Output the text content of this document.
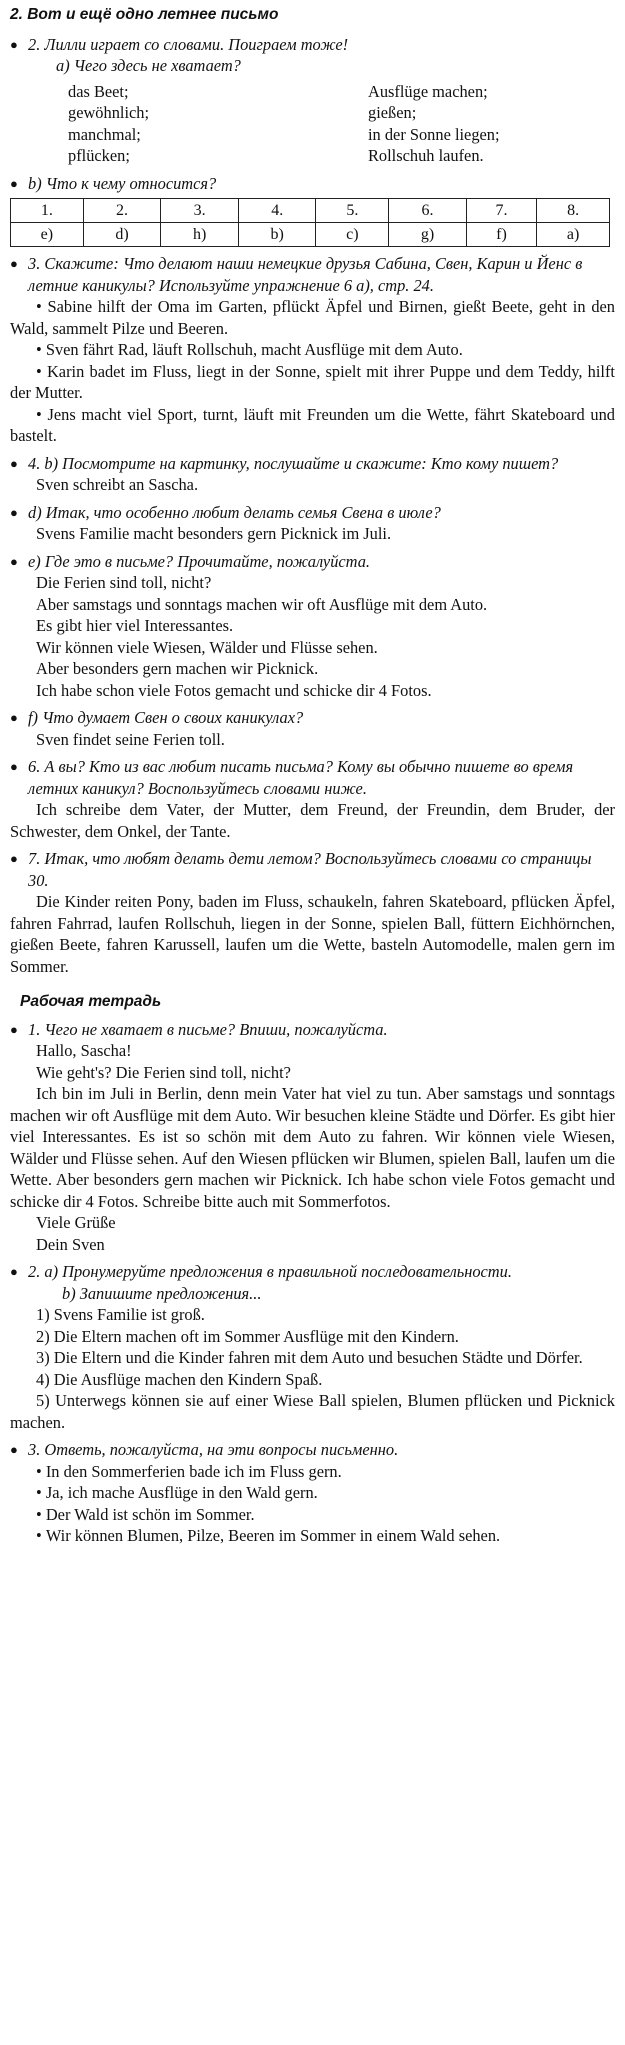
2. Вот и ещё одно летнее письмо
● 2. Лилли играет со словами. Поиграем тоже!
а) Чего здесь не хватает?
das Beet;	Ausflüge machen;
gewöhnlich;	gießen;
manchmal;	in der Sonne liegen;
pflücken;	Rollschuh laufen.
● b) Что к чему относится?
1.	2.	3.	4.	5.	6.	7.	8.
e)	d)	h)	b)	c)	g)	f)	a)
● 3. Скажите: Что делают наши немецкие друзья Сабина, Свен, Карин и Йенс в летние каникулы? Используйте упражнение 6 а), стр. 24.
• Sabine hilft der Oma im Garten, pflückt Äpfel und Birnen, gießt Beete, geht in den Wald, sammelt Pilze und Beeren.
• Sven fährt Rad, läuft Rollschuh, macht Ausflüge mit dem Auto.
• Karin badet im Fluss, liegt in der Sonne, spielt mit ihrer Puppe und dem Teddy, hilft der Mutter.
• Jens macht viel Sport, turnt, läuft mit Freunden um die Wette, fährt Skateboard und bastelt.
● 4. b) Посмотрите на картинку, послушайте и скажите: Кто кому пишет?
Sven schreibt an Sascha.
● d) Итак, что особенно любит делать семья Свена в июле?
Svens Familie macht besonders gern Picknick im Juli.
● e) Где это в письме? Прочитайте, пожалуйста.
Die Ferien sind toll, nicht?
Aber samstags und sonntags machen wir oft Ausflüge mit dem Auto.
Es gibt hier viel Interessantes.
Wir können viele Wiesen, Wälder und Flüsse sehen.
Aber besonders gern machen wir Picknick.
Ich habe schon viele Fotos gemacht und schicke dir 4 Fotos.
● f) Что думает Свен о своих каникулах?
Sven findet seine Ferien toll.
● 6. А вы? Кто из вас любит писать письма? Кому вы обычно пишете во время летних каникул? Воспользуйтесь словами ниже.
Ich schreibe dem Vater, der Mutter, dem Freund, der Freundin, dem Bruder, der Schwester, dem Onkel, der Tante.
● 7. Итак, что любят делать дети летом? Воспользуйтесь словами со страницы 30.
Die Kinder reiten Pony, baden im Fluss, schaukeln, fahren Skateboard, pflücken Äpfel, fahren Fahrrad, laufen Rollschuh, liegen in der Sonne, spielen Ball, füttern Eichhörnchen, gießen Beete, fahren Karussell, laufen um die Wette, basteln Automodelle, malen gern im Sommer.
Рабочая тетрадь
● 1. Чего не хватает в письме? Впиши, пожалуйста.
Hallo, Sascha!
Wie geht's? Die Ferien sind toll, nicht?
Ich bin im Juli in Berlin, denn mein Vater hat viel zu tun. Aber samstags und sonntags machen wir oft Ausflüge mit dem Auto. Wir besuchen kleine Städte und Dörfer. Es gibt hier viel Interessantes. Es ist so schön mit dem Auto zu fahren. Wir können viele Wiesen, Wälder und Flüsse sehen. Auf den Wiesen pflücken wir Blumen, spielen Ball, laufen um die Wette. Aber besonders gern machen wir Picknick. Ich habe schon viele Fotos gemacht und schicke dir 4 Fotos. Schreibe bitte auch mit Sommerfotos.
Viele Grüße
Dein Sven
● 2. а) Пронумеруйте предложения в правильной последовательности.
b) Запишите предложения...
1) Svens Familie ist groß.
2) Die Eltern machen oft im Sommer Ausflüge mit den Kindern.
3) Die Eltern und die Kinder fahren mit dem Auto und besuchen Städte und Dörfer.
4) Die Ausflüge machen den Kindern Spaß.
5) Unterwegs können sie auf einer Wiese Ball spielen, Blumen pflücken und Picknick machen.
● 3. Ответь, пожалуйста, на эти вопросы письменно.
• In den Sommerferien bade ich im Fluss gern.
• Ja, ich mache Ausflüge in den Wald gern.
• Der Wald ist schön im Sommer.
• Wir können Blumen, Pilze, Beeren im Sommer in einem Wald sehen.
